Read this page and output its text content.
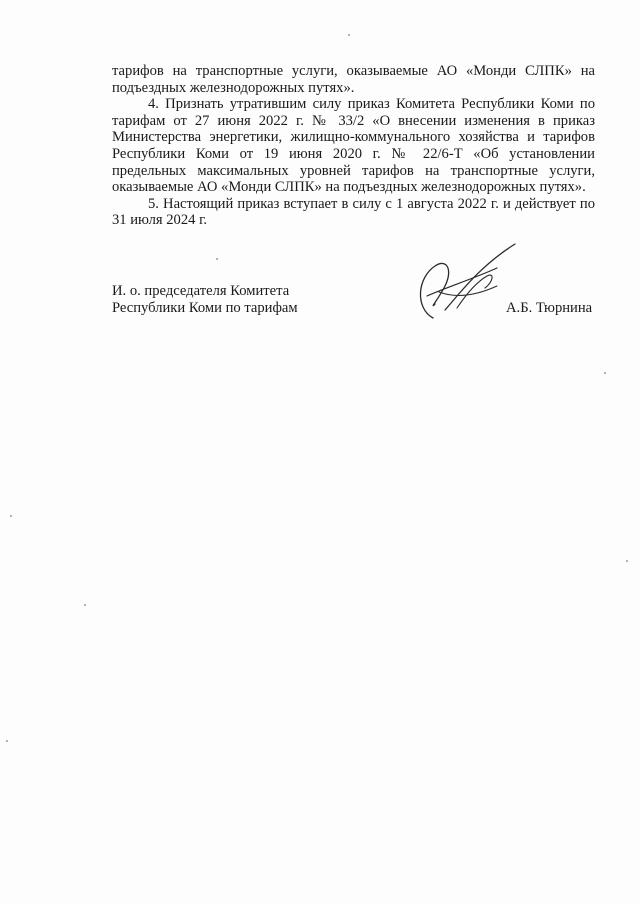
тарифов на транспортные услуги, оказываемые АО «Монди СЛПК» на подъездных железнодорожных путях».

4. Признать утратившим силу приказ Комитета Республики Коми по тарифам от 27 июня 2022 г. № 33/2 «О внесении изменения в приказ Министерства энергетики, жилищно-коммунального хозяйства и тарифов Республики Коми от 19 июня 2020 г. № 22/6-Т «Об установлении предельных максимальных уровней тарифов на транспортные услуги, оказываемые АО «Монди СЛПК» на подъездных железнодорожных путях».

5. Настоящий приказ вступает в силу с 1 августа 2022 г. и действует по 31 июля 2024 г.

И. о. председателя Комитета
Республики Коми по тарифам	А.Б. Тюрнина
